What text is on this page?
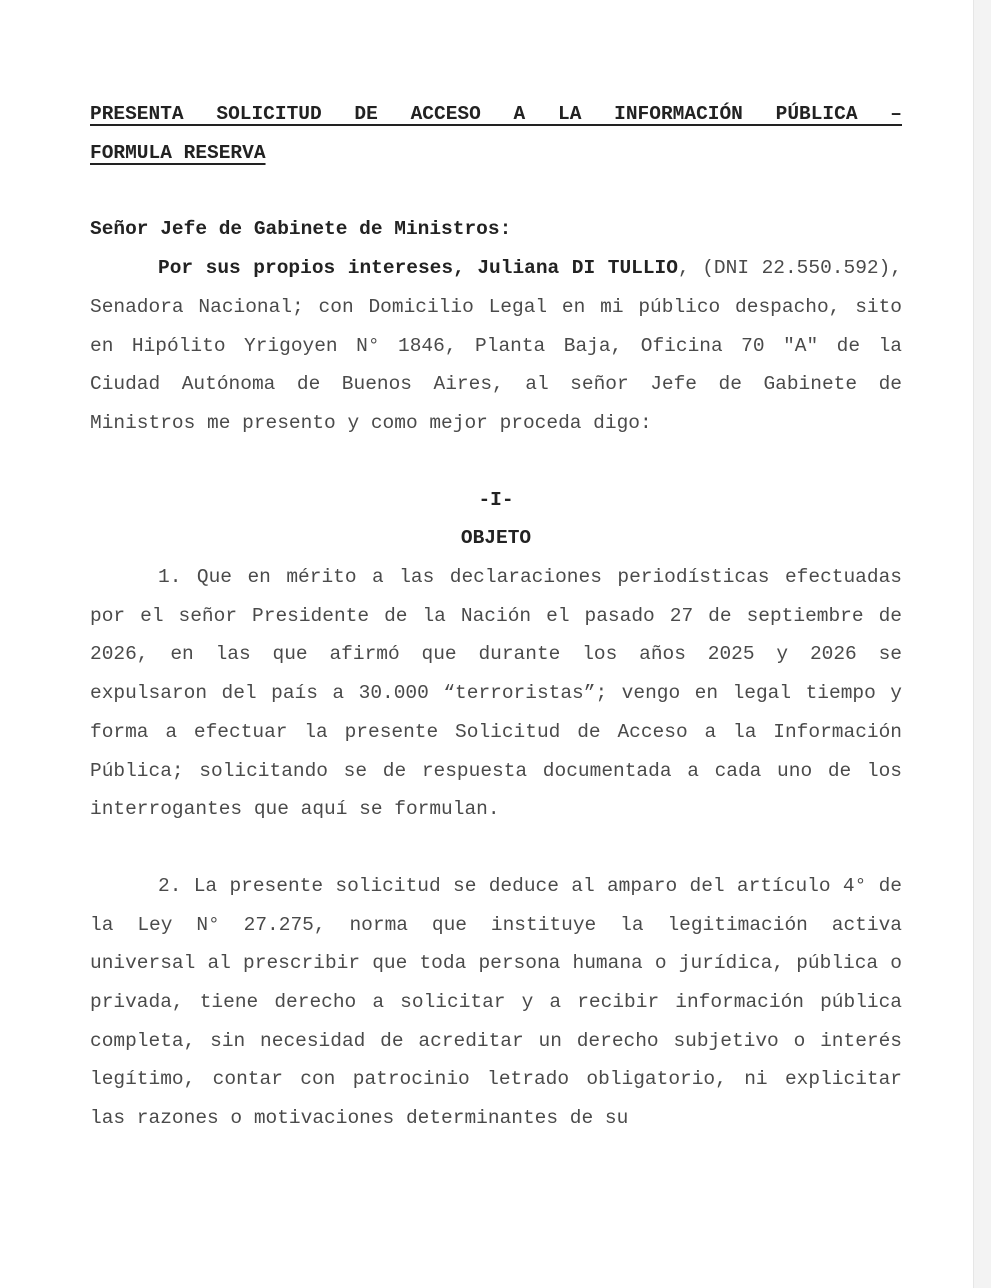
PRESENTA SOLICITUD DE ACCESO A LA INFORMACIÓN PÚBLICA –
FORMULA RESERVA

Señor Jefe de Gabinete de Ministros:

Por sus propios intereses, Juliana DI TULLIO, (DNI 22.550.592), Senadora Nacional; con Domicilio Legal en mi público despacho, sito en Hipólito Yrigoyen N° 1846, Planta Baja, Oficina 70 "A" de la Ciudad Autónoma de Buenos Aires, al señor Jefe de Gabinete de Ministros me presento y como mejor proceda digo:

-I-

OBJETO

1. Que en mérito a las declaraciones periodísticas efectuadas por el señor Presidente de la Nación el pasado 27 de septiembre de 2026, en las que afirmó que durante los años 2025 y 2026 se expulsaron del país a 30.000 “terroristas”; vengo en legal tiempo y forma a efectuar la presente Solicitud de Acceso a la Información Pública; solicitando se de respuesta documentada a cada uno de los interrogantes que aquí se formulan.

2. La presente solicitud se deduce al amparo del artículo 4° de la Ley N° 27.275, norma que instituye la legitimación activa universal al prescribir que toda persona humana o jurídica, pública o privada, tiene derecho a solicitar y a recibir información pública completa, sin necesidad de acreditar un derecho subjetivo o interés legítimo, contar con patrocinio letrado obligatorio, ni explicitar las razones o motivaciones determinantes de su
